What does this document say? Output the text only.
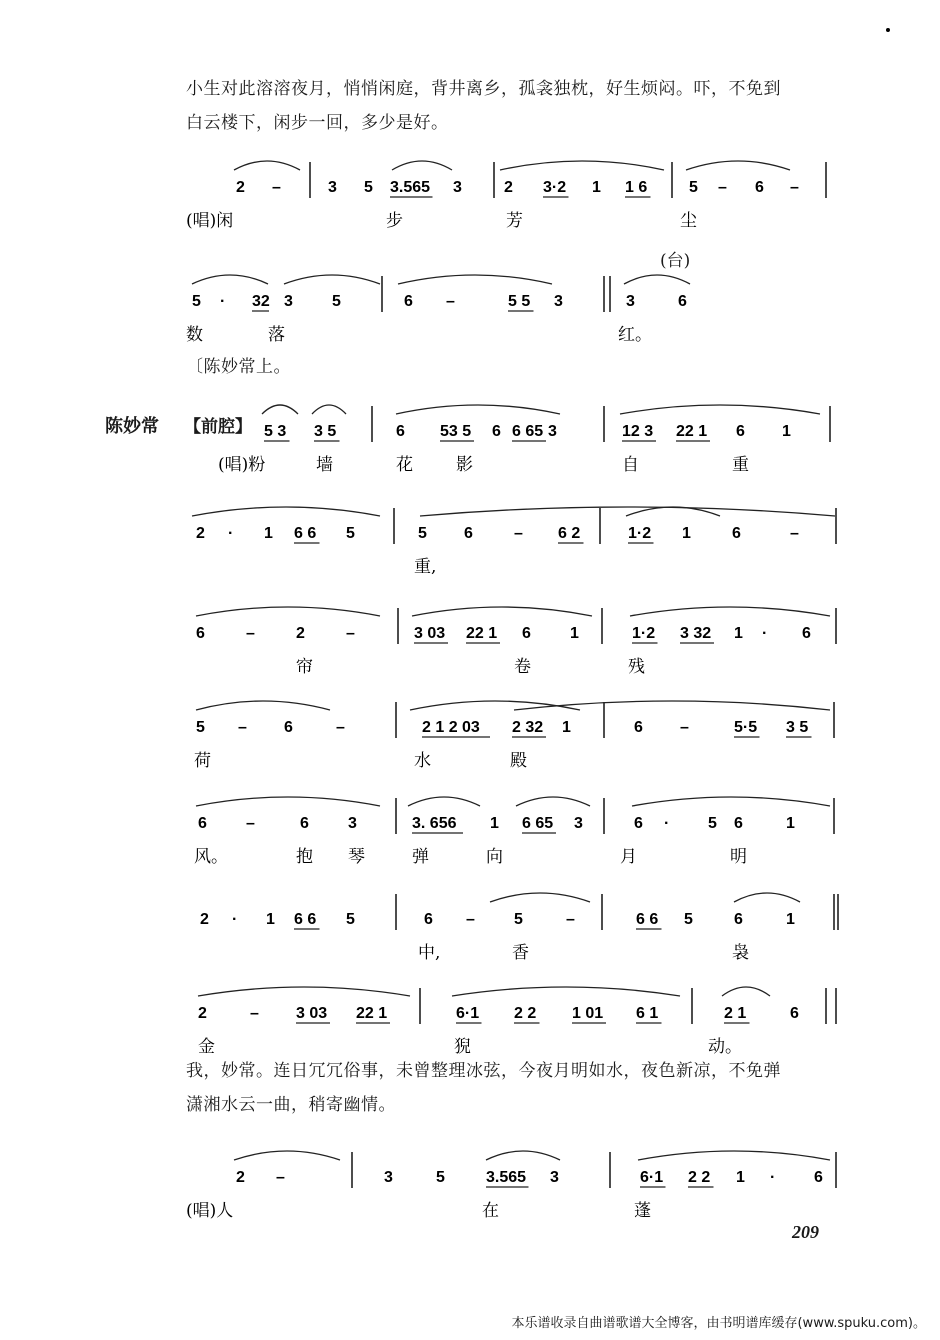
小生对此溶溶夜月，悄悄闲庭，背井离乡，孤衾独枕，好生烦闷。吓，不免到
白云楼下，闲步一回，多少是好。
〔陈妙常上。
(台)
陈妙常 【前腔】
我，妙常。连日冗冗俗事，未曾整理冰弦，今夜月明如水，夜色新凉，不免弹
潇湘水云一曲，稍寄幽情。
209
本乐谱收录自曲谱歌谱大全博客，由书明谱库缓存(www.spuku.com)。
2 –	3 5 3.565 3	2 3·2 1 1 6	5 – 6 –
(唱)闲	步	芳	尘
5 · 32 3 5	6 –	5 5 3	3	6
数	落	红。
5 3 3 5	6 53 5 6 6 65 3	12 3 22 1 6 1
(唱)粉	墙	花	影	自	重
2 · 1 6 6 5	5 6	– 6 2	1·2 1	6	–
重,
6	–	2	–	3 03 22 1 6 1	1·2 3 32 1 · 6
帘	卷	残
5 – 6	–	2 1 2 03 2 32 1	6 –	5·5 3 5
荷	水	殿
6 –	6 3	3. 656 1 6 65 3	6 · 5 6	1
风。	抱 琴	弹	向	月	明
2 · 1 6 6 5	6 – 5	–	6 6 5	6	1
中,	香	袅
2	– 3 03 22 1	6·1 2 2 1 01 6 1	2 1	6
金	猊	动。
2 –	3	5	3.565 3	6·1 2 2 1 · 6
(唱)人	在	蓬
